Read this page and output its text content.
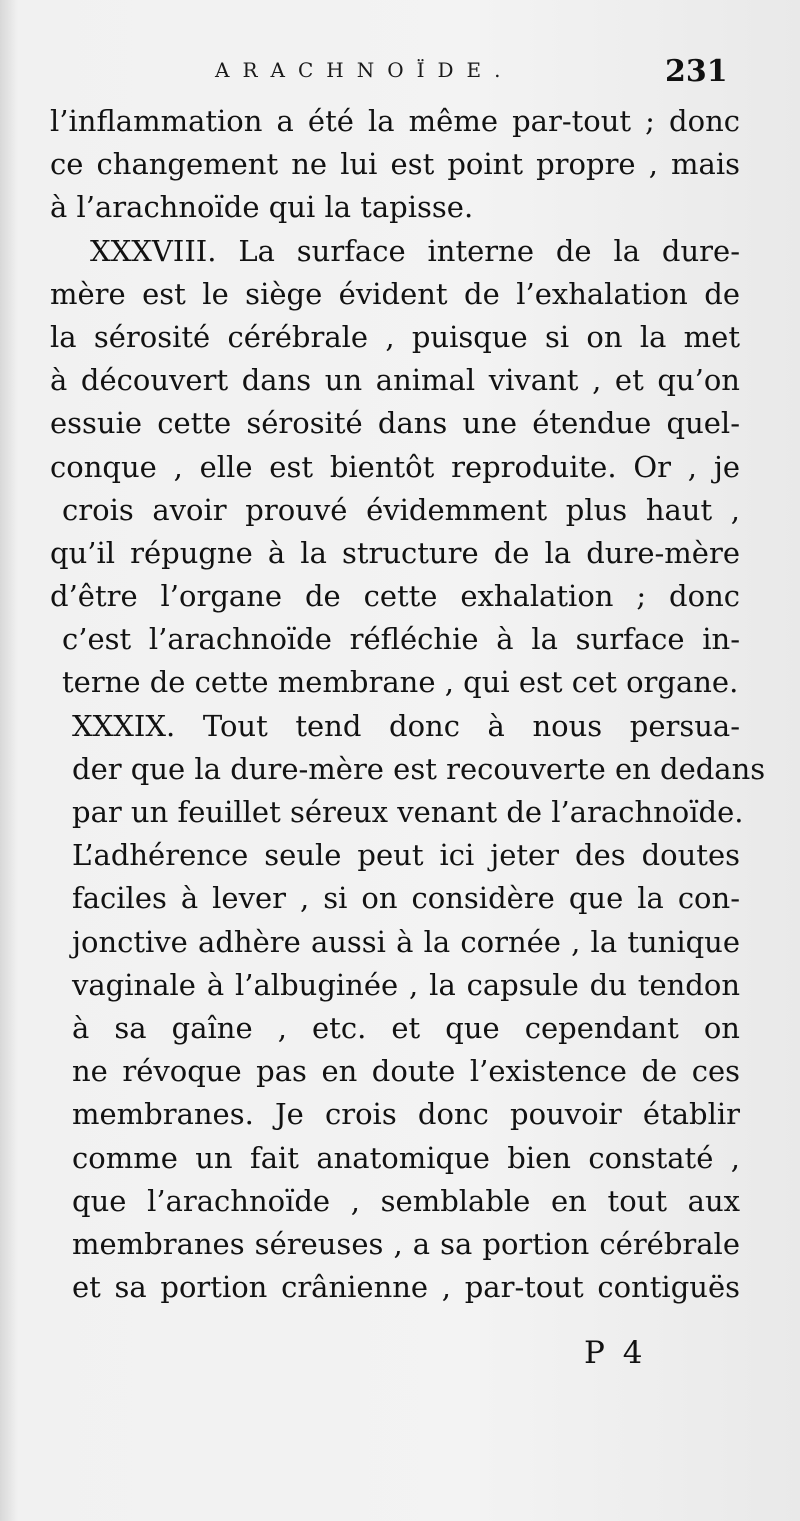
ARACHNOÏDE.	231
l’inflammation a été la même par-tout ; donc
ce changement ne lui est point propre , mais
à l’arachnoïde qui la tapisse.
XXXVIII. La surface interne de la dure-
mère est le siège évident de l’exhalation de
la sérosité cérébrale , puisque si on la met
à découvert dans un animal vivant , et qu’on
essuie cette sérosité dans une étendue quel-
conque , elle est bientôt reproduite. Or , je
crois avoir prouvé évidemment plus haut ,
qu’il répugne à la structure de la dure-mère
d’être l’organe de cette exhalation ; donc
c’est l’arachnoïde réfléchie à la surface in-
terne de cette membrane , qui est cet organe.
XXXIX. Tout tend donc à nous persua-
der que la dure-mère est recouverte en dedans
par un feuillet séreux venant de l’arachnoïde.
L’adhérence seule peut ici jeter des doutes
faciles à lever , si on considère que la con-
jonctive adhère aussi à la cornée , la tunique
vaginale à l’albuginée , la capsule du tendon
à sa gaîne , etc. et que cependant on
ne révoque pas en doute l’existence de ces
membranes. Je crois donc pouvoir établir
comme un fait anatomique bien constaté ,
que l’arachnoïde , semblable en tout aux
membranes séreuses , a sa portion cérébrale
et sa portion crânienne , par-tout contiguës
P 4
